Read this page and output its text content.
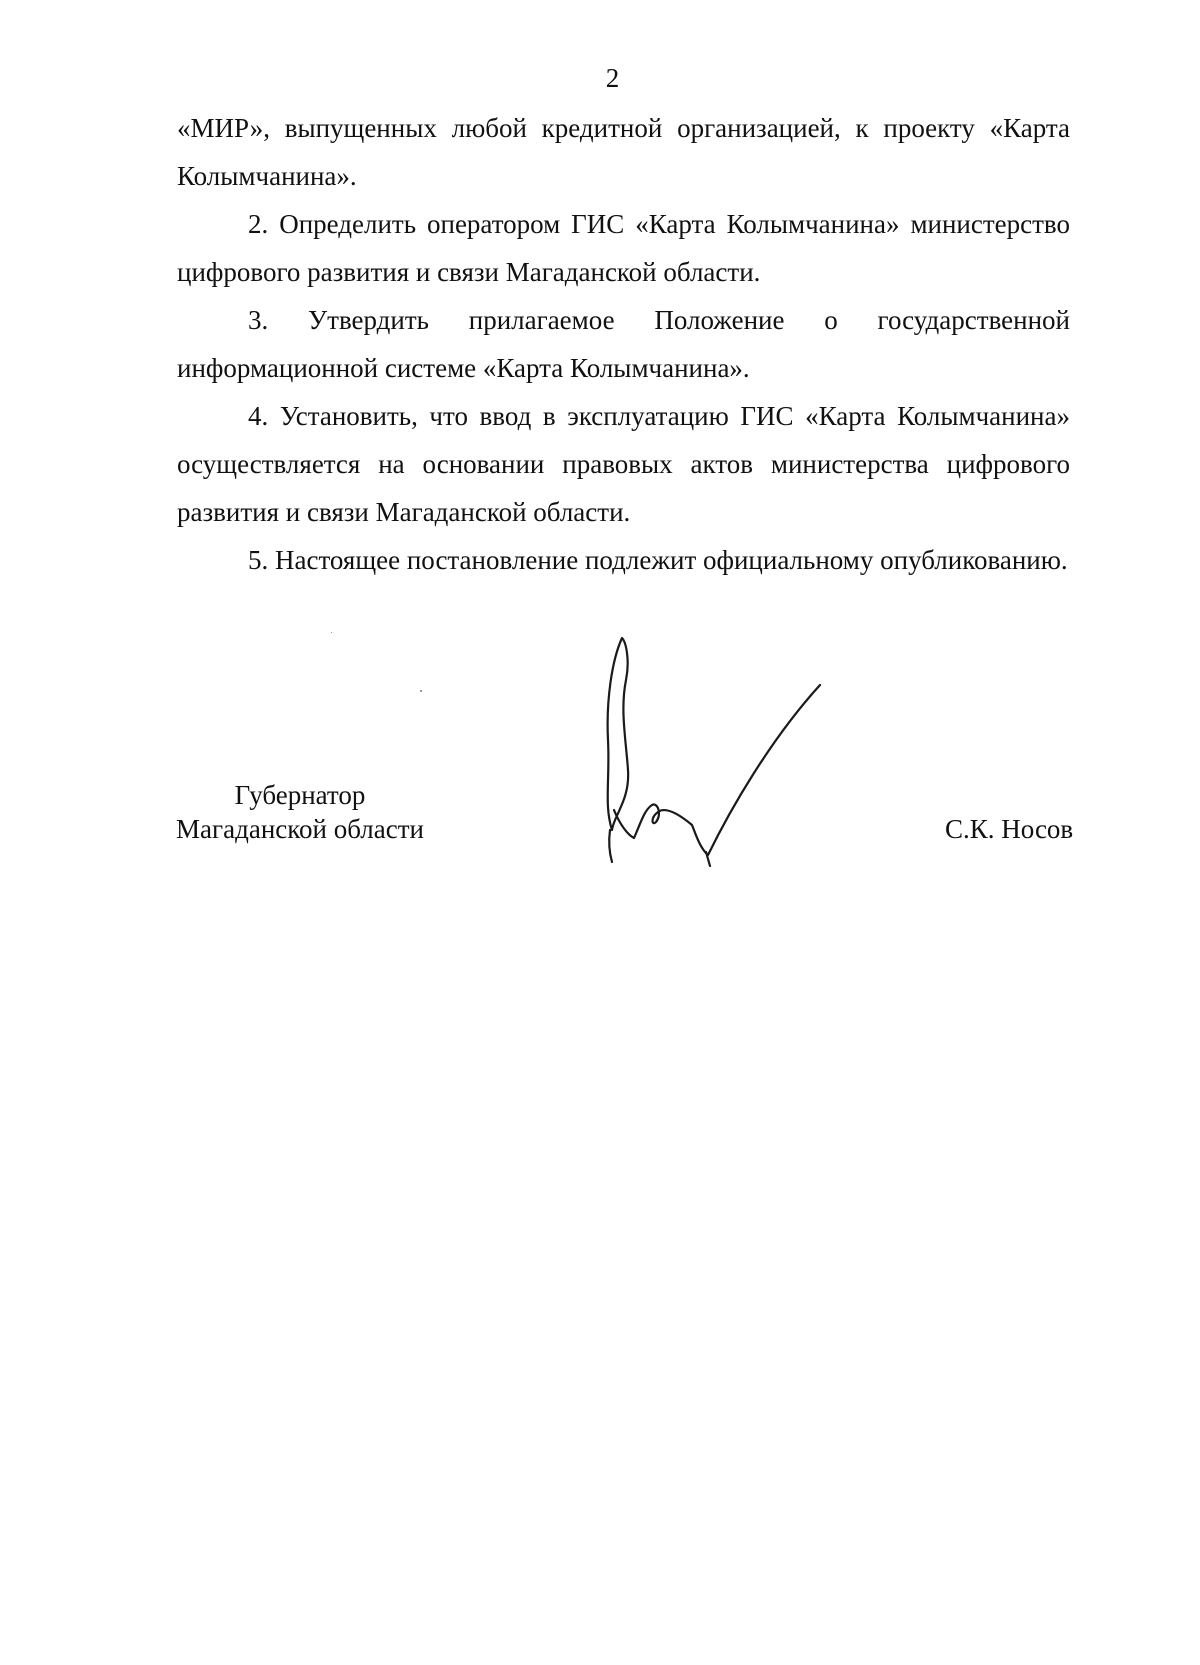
2

«МИР», выпущенных любой кредитной организацией, к проекту «Карта Колымчанина».

2. Определить оператором ГИС «Карта Колымчанина» министерство цифрового развития и связи Магаданской области.

3. Утвердить прилагаемое Положение о государственной информационной системе «Карта Колымчанина».

4. Установить, что ввод в эксплуатацию ГИС «Карта Колымчанина» осуществляется на основании правовых актов министерства цифрового развития и связи Магаданской области.

5. Настоящее постановление подлежит официальному опубликованию.

Губернатор
Магаданской области	С.К. Носов
